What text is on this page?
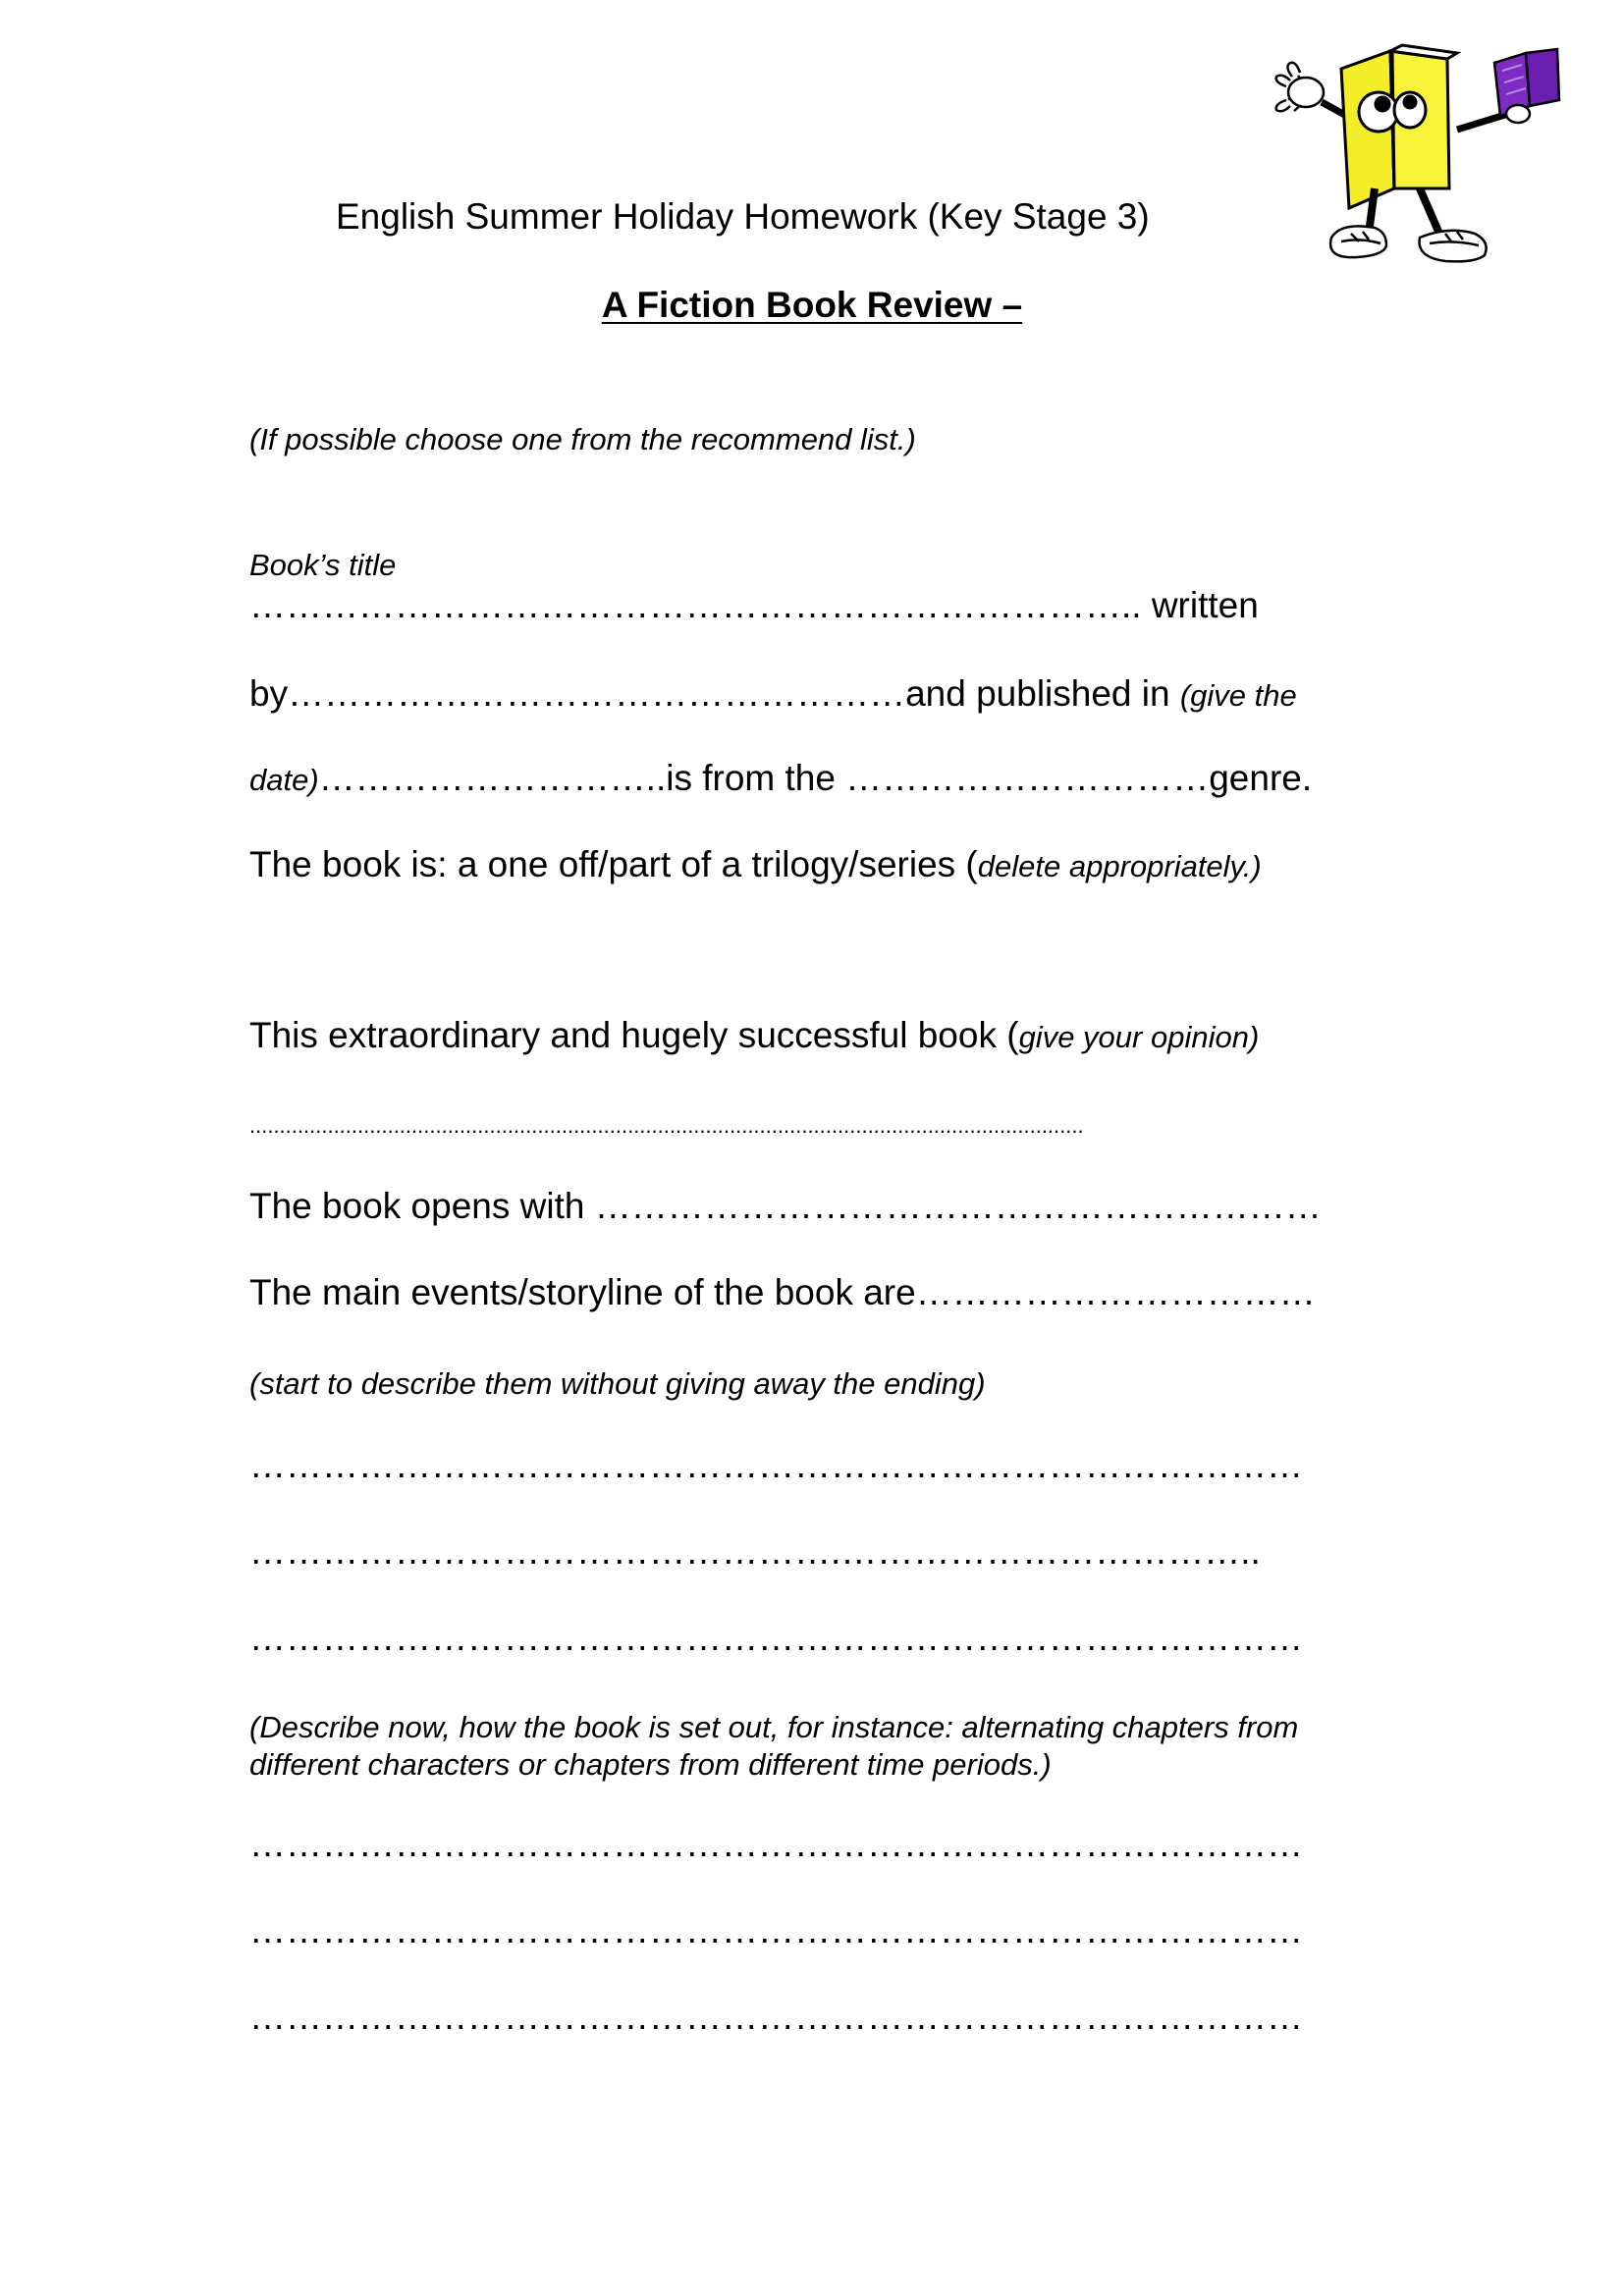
English Summer Holiday Homework (Key Stage 3)
A Fiction Book Review –
(If possible choose one from the recommend list.)
Book’s title
……………………………………………………………….. written
by……………………………………………and published in (give the
date)………………………..is from the …………………………genre.
The book is: a one off/part of a trilogy/series (delete appropriately.)
This extraordinary and hugely successful book (give your opinion)
...........................................................................................................................................
The book opens with ……………………………………………………
The main events/storyline of the book are……………………………
(start to describe them without giving away the ending)
……………………………………………………………………………
………………………………………….……………………………..
……………………………………………………………………………
(Describe now, how the book is set out, for instance: alternating chapters from
different characters or chapters from different time periods.)
……………………………………………………………………………
……………………………………………………………………………
……………………………………………………………………………
